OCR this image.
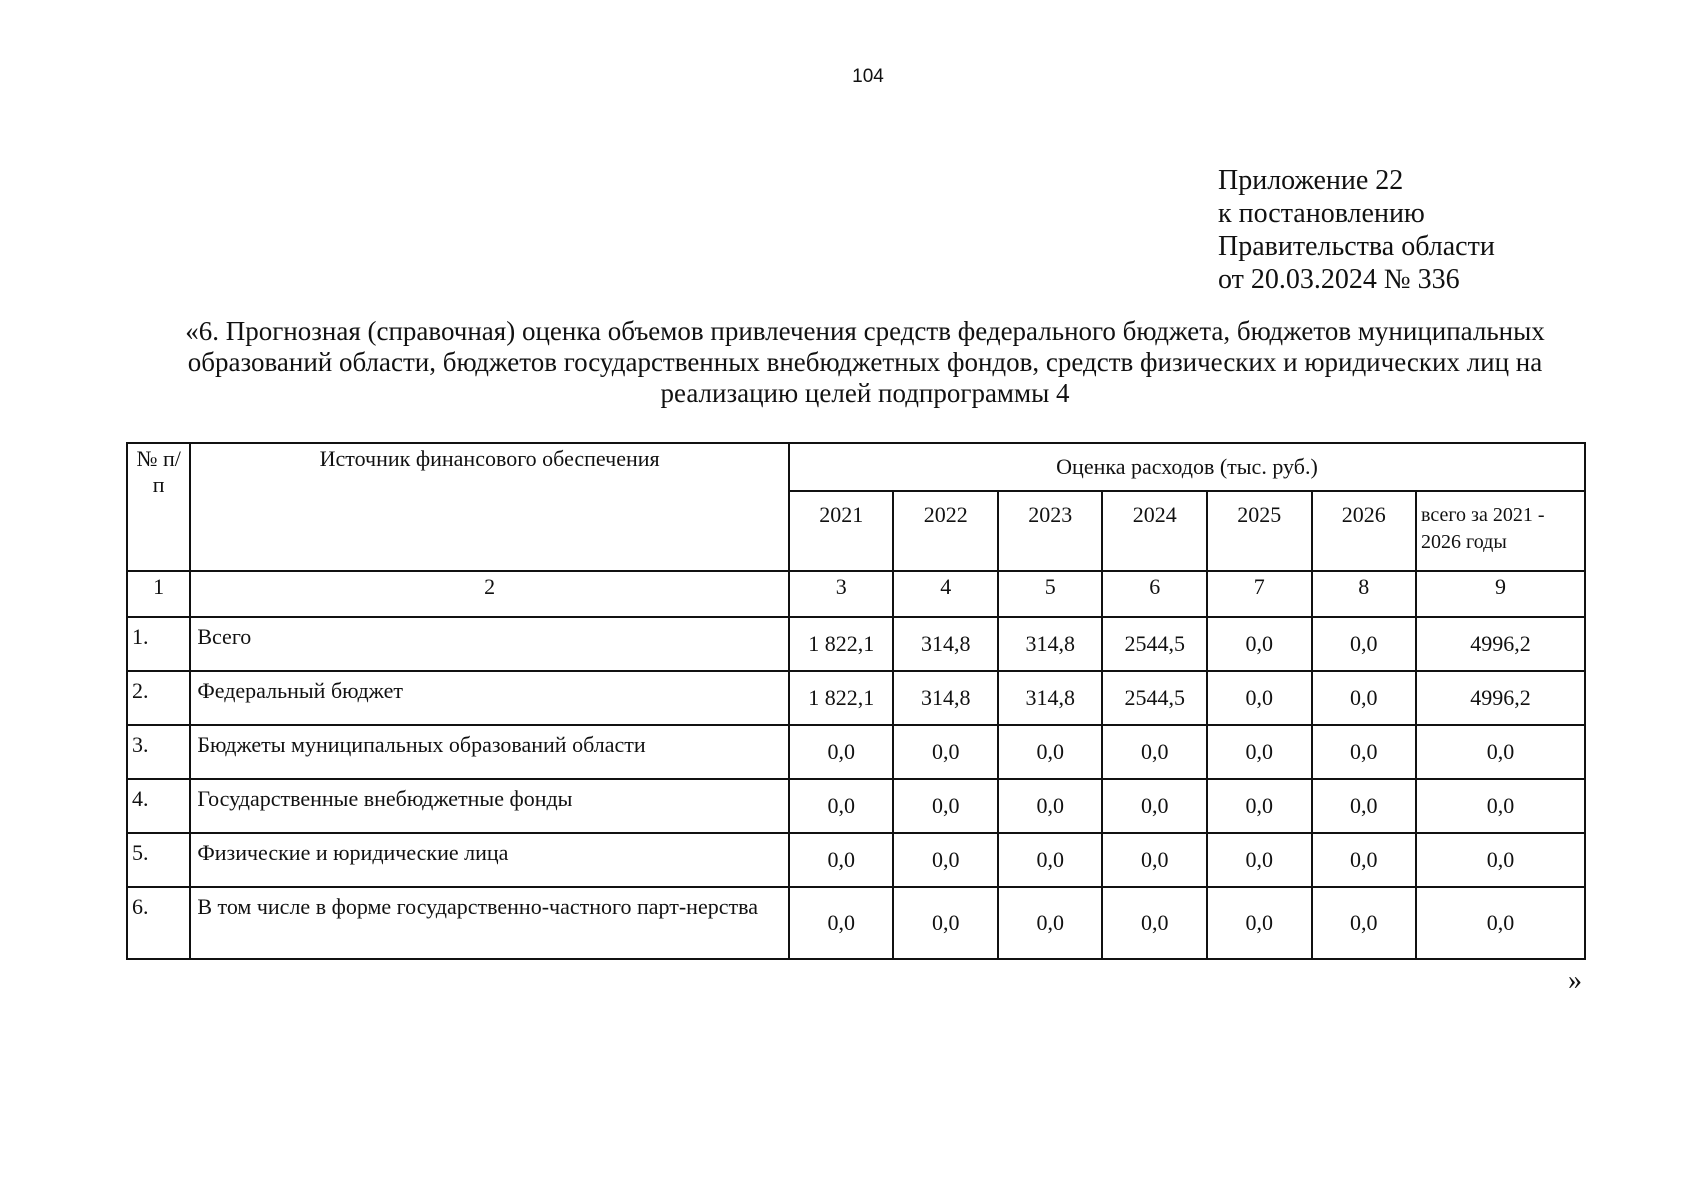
104
Приложение 22
к постановлению
Правительства области
от 20.03.2024 № 336
«6. Прогнозная (справочная) оценка объемов привлечения средств федерального бюджета, бюджетов муниципальных образований области, бюджетов государственных внебюджетных фондов, средств физических и юридических лиц на реализацию целей подпрограммы 4
№ п/п	Источник финансового обеспечения	Оценка расходов (тыс. руб.)						
		2021	2022	2023	2024	2025	2026	всего за 2021 - 2026 годы
1	2	3	4	5	6	7	8	9
1.	Всего	1 822,1	314,8	314,8	2544,5	0,0	0,0	4996,2
2.	Федеральный бюджет	1 822,1	314,8	314,8	2544,5	0,0	0,0	4996,2
3.	Бюджеты муниципальных образований области	0,0	0,0	0,0	0,0	0,0	0,0	0,0
4.	Государственные внебюджетные фонды	0,0	0,0	0,0	0,0	0,0	0,0	0,0
5.	Физические и юридические лица	0,0	0,0	0,0	0,0	0,0	0,0	0,0
6.	В том числе в форме государственно-частного парт-нерства	0,0	0,0	0,0	0,0	0,0	0,0	0,0
»
